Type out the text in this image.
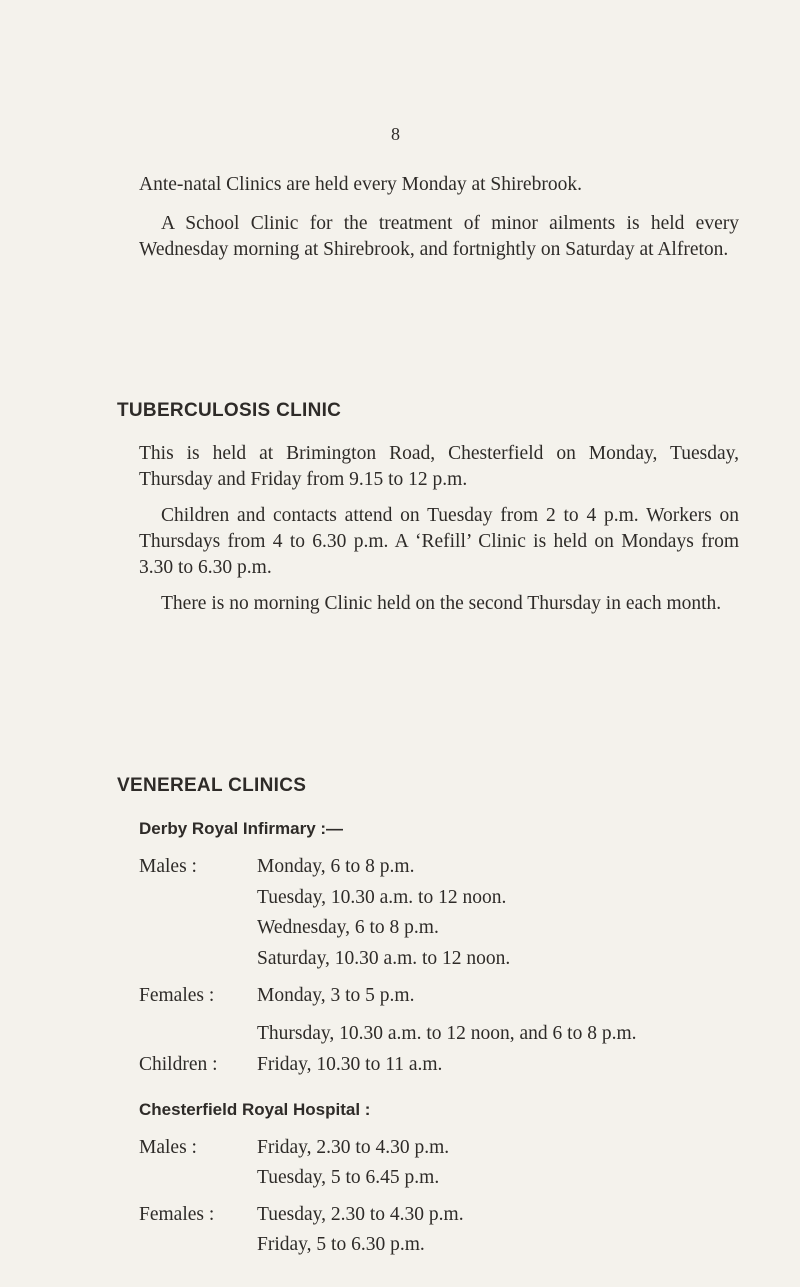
8

Ante-natal Clinics are held every Monday at Shirebrook.

A School Clinic for the treatment of minor ailments is held every Wednesday morning at Shirebrook, and fortnightly on Saturday at Alfreton.

TUBERCULOSIS CLINIC

This is held at Brimington Road, Chesterfield on Monday, Tuesday, Thursday and Friday from 9.15 to 12 p.m.

Children and contacts attend on Tuesday from 2 to 4 p.m. Workers on Thursdays from 4 to 6.30 p.m. A ‘Refill’ Clinic is held on Mondays from 3.30 to 6.30 p.m.

There is no morning Clinic held on the second Thursday in each month.

VENEREAL CLINICS
Derby Royal Infirmary :—
Males :	Monday, 6 to 8 p.m.
Tuesday, 10.30 a.m. to 12 noon.
Wednesday, 6 to 8 p.m.
Saturday, 10.30 a.m. to 12 noon.
Females : Monday, 3 to 5 p.m.
Thursday, 10.30 a.m. to 12 noon, and 6 to 8 p.m.
Children : Friday, 10.30 to 11 a.m.
Chesterfield Royal Hospital :
Males :	Friday, 2.30 to 4.30 p.m.
Tuesday, 5 to 6.45 p.m.
Females : Tuesday, 2.30 to 4.30 p.m.
Friday, 5 to 6.30 p.m.
